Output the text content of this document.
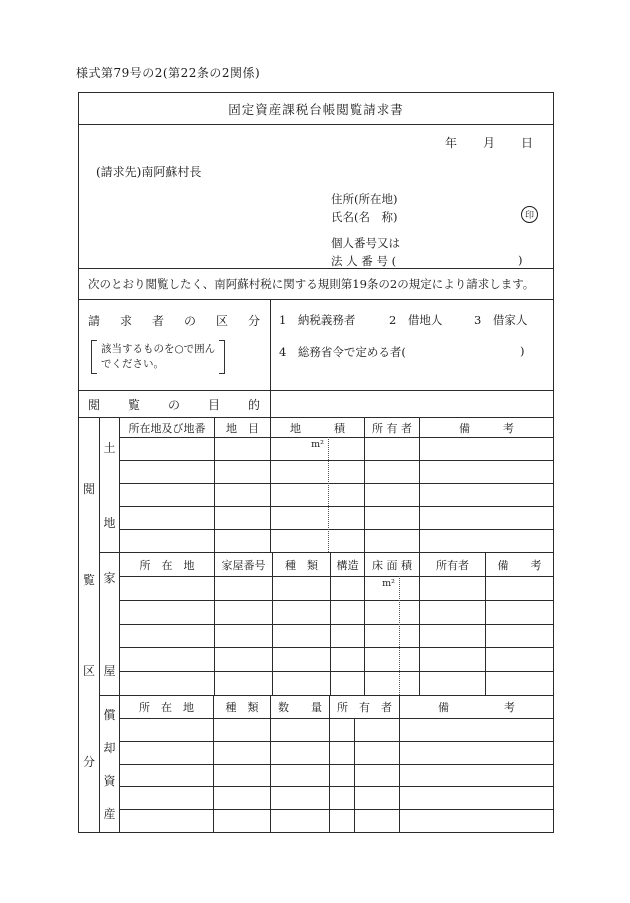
様式第79号の2(第22条の2関係)
固定資産課税台帳閲覧請求書
年 月 日
(請求先)南阿蘇村長
住所(所在地)
氏名(名　称)	印
個人番号又は
法 人 番 号 (	)
次のとおり閲覧したく、南阿蘇村税に関する規則第19条の2の規定により請求します。
請求者の区分
該当するものを○で囲ん
でください。
1　納税義務者	2　借地人	3　借家人
4　総務省令で定める者(	)
閲覧の目的
閲
覧
区
分
土
地
所在地及び地番	地　目	地　　　積	所 有 者	備　　　考
m²
家
屋
所　在　地	家屋番号	種　類	構造	床 面 積	所有者	備　　考
m²
償
却
資
産
所　在　地	種　類	数　　量	所　有　者	備　　　　　考
